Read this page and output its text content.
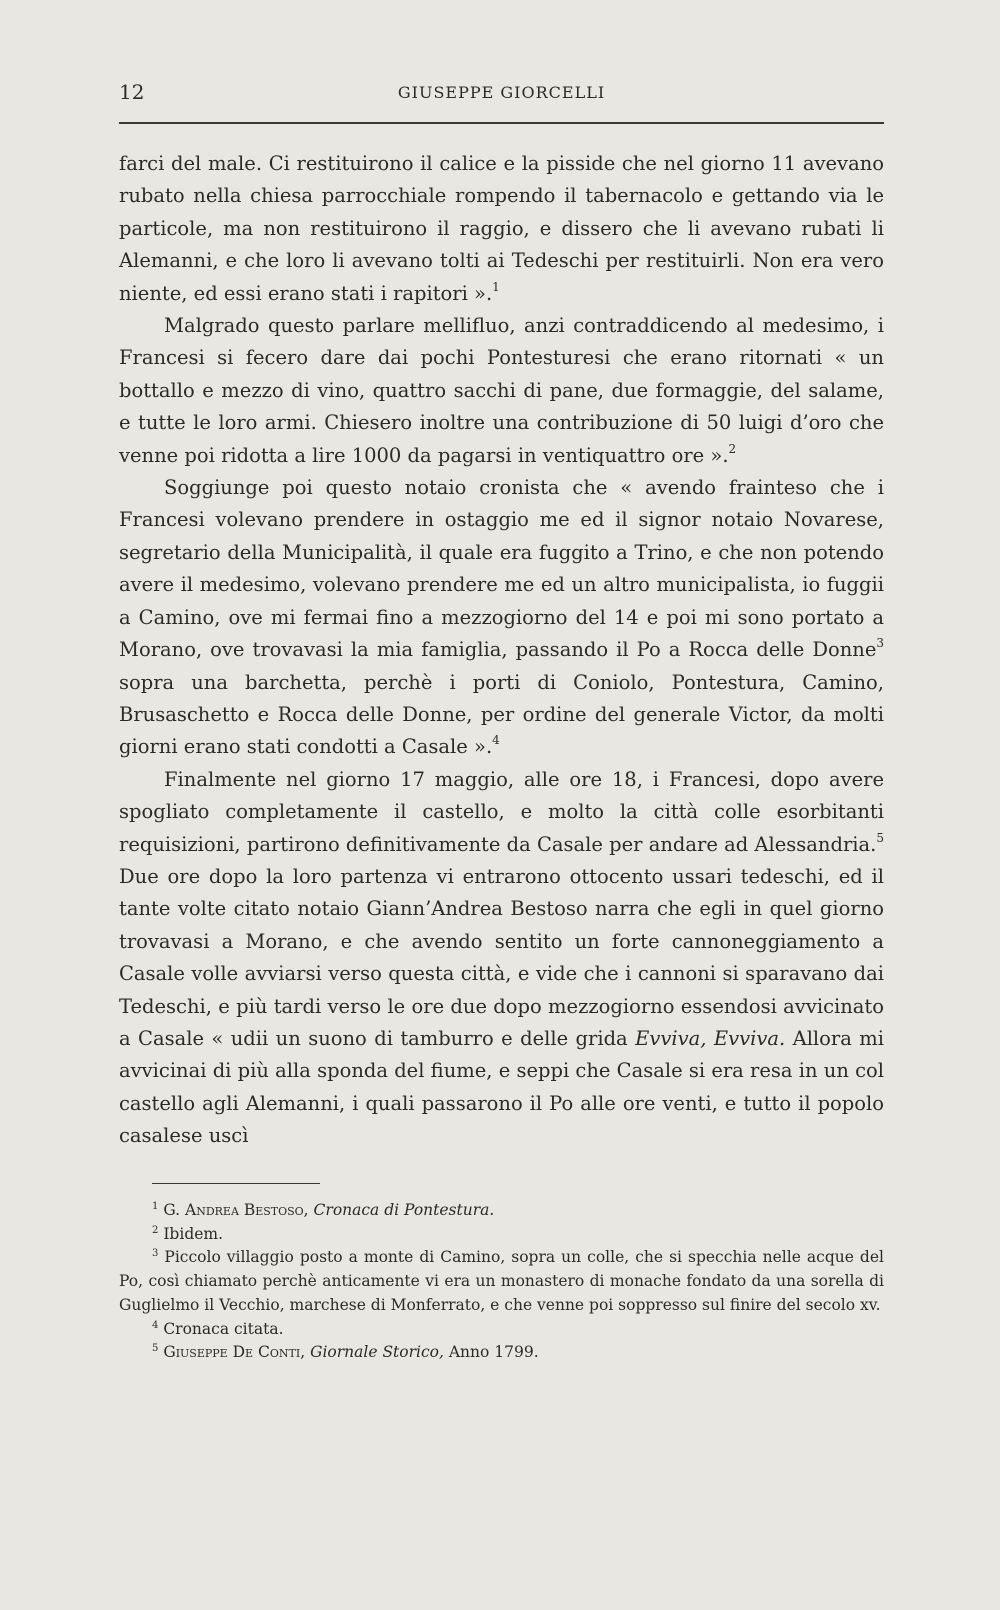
12	GIUSEPPE GIORCELLI

farci del male. Ci restituirono il calice e la pisside che nel giorno 11 avevano rubato nella chiesa parrocchiale rompendo il tabernacolo e gettando via le particole, ma non restituirono il raggio, e dissero che li avevano rubati li Alemanni, e che loro li avevano tolti ai Tedeschi per restituirli. Non era vero niente, ed essi erano stati i rapitori ».$^1$

Malgrado questo parlare mellifluo, anzi contraddicendo al medesimo, i Francesi si fecero dare dai pochi Pontesturesi che erano ritornati « un bottallo e mezzo di vino, quattro sacchi di pane, due formaggie, del salame, e tutte le loro armi. Chiesero inoltre una contribuzione di 50 luigi d’oro che venne poi ridotta a lire 1000 da pagarsi in ventiquattro ore ».$^2$

Soggiunge poi questo notaio cronista che « avendo frainteso che i Francesi volevano prendere in ostaggio me ed il signor notaio Novarese, segretario della Municipalità, il quale era fuggito a Trino, e che non potendo avere il medesimo, volevano prendere me ed un altro municipalista, io fuggii a Camino, ove mi fermai fino a mezzogiorno del 14 e poi mi sono portato a Morano, ove trovavasi la mia famiglia, passando il Po a Rocca delle Donne$^3$ sopra una barchetta, perchè i porti di Coniolo, Pontestura, Camino, Brusaschetto e Rocca delle Donne, per ordine del generale Victor, da molti giorni erano stati condotti a Casale ».$^4$

Finalmente nel giorno 17 maggio, alle ore 18, i Francesi, dopo avere spogliato completamente il castello, e molto la città colle esorbitanti requisizioni, partirono definitivamente da Casale per andare ad Alessandria.$^5$ Due ore dopo la loro partenza vi entrarono ottocento ussari tedeschi, ed il tante volte citato notaio Giann’Andrea Bestoso narra che egli in quel giorno trovavasi a Morano, e che avendo sentito un forte cannoneggiamento a Casale volle avviarsi verso questa città, e vide che i cannoni si sparavano dai Tedeschi, e più tardi verso le ore due dopo mezzogiorno essendosi avvicinato a Casale « udii un suono di tamburro e delle grida Evviva, Evviva. Allora mi avvicinai di più alla sponda del fiume, e seppi che Casale si era resa in un col castello agli Alemanni, i quali passarono il Po alle ore venti, e tutto il popolo casalese uscì

$^1$ G. Andrea Bestoso, Cronaca di Pontestura.

$^2$ Ibidem.

$^3$ Piccolo villaggio posto a monte di Camino, sopra un colle, che si specchia nelle acque del Po, così chiamato perchè anticamente vi era un monastero di monache fondato da una sorella di Guglielmo il Vecchio, marchese di Monferrato, e che venne poi soppresso sul finire del secolo xv.

$^4$ Cronaca citata.

$^5$ Giuseppe De Conti, Giornale Storico, Anno 1799.
